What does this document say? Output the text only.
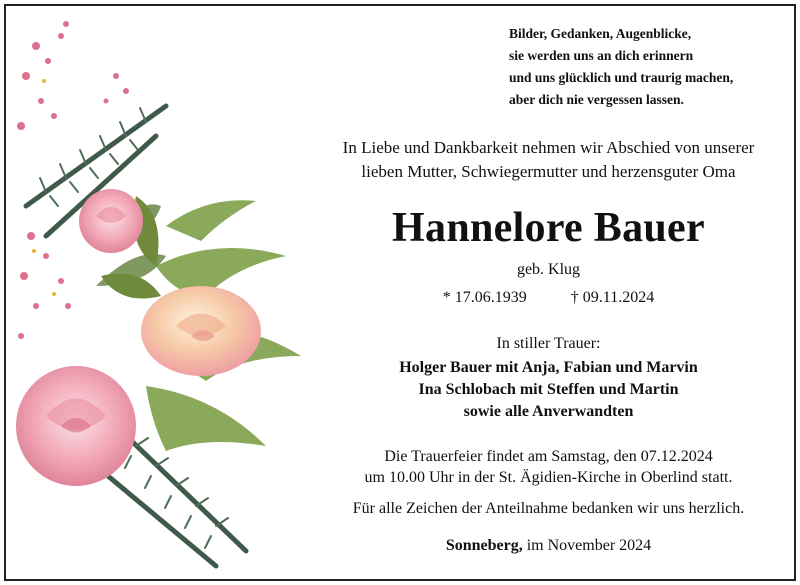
Bilder, Gedanken, Augenblicke,
sie werden uns an dich erinnern
und uns glücklich und traurig machen,
aber dich nie vergessen lassen.
In Liebe und Dankbarkeit nehmen wir Abschied von unserer
lieben Mutter, Schwiegermutter und herzensguter Oma
Hannelore Bauer
geb. Klug
* 17.06.1939	† 09.11.2024
In stiller Trauer:
Holger Bauer mit Anja, Fabian und Marvin
Ina Schlobach mit Steffen und Martin
sowie alle Anverwandten
Die Trauerfeier findet am Samstag, den 07.12.2024
um 10.00 Uhr in der St. Ägidien-Kirche in Oberlind statt.
Für alle Zeichen der Anteilnahme bedanken wir uns herzlich.
Sonneberg, im November 2024
